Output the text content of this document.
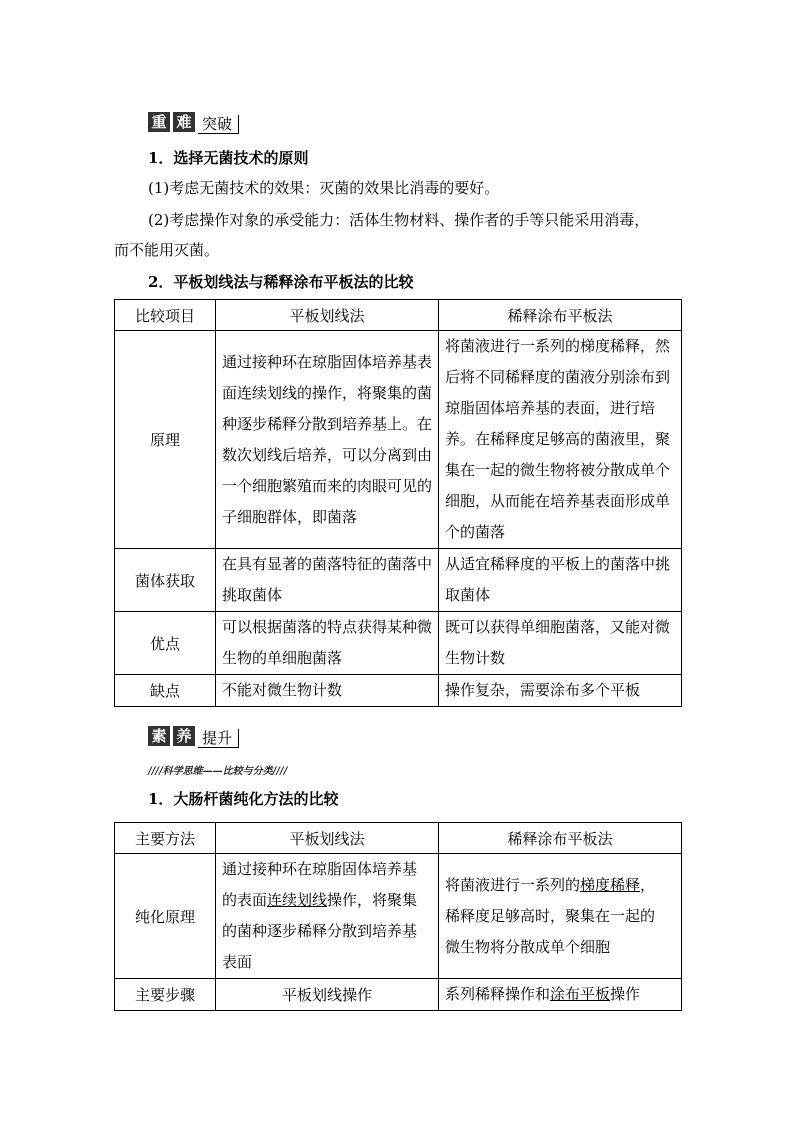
重 难 突破
1．选择无菌技术的原则
(1)考虑无菌技术的效果：灭菌的效果比消毒的要好。
(2)考虑操作对象的承受能力：活体生物材料、操作者的手等只能采用消毒，
而不能用灭菌。
2．平板划线法与稀释涂布平板法的比较
比较项目	平板划线法	稀释涂布平板法
原理	通过接种环在琼脂固体培养基表面连续划线的操作，将聚集的菌种逐步稀释分散到培养基上。在数次划线后培养，可以分离到由一个细胞繁殖而来的肉眼可见的子细胞群体，即菌落	将菌液进行一系列的梯度稀释，然后将不同稀释度的菌液分别涂布到琼脂固体培养基的表面，进行培养。在稀释度足够高的菌液里，聚集在一起的微生物将被分散成单个细胞，从而能在培养基表面形成单个的菌落
菌体获取	在具有显著的菌落特征的菌落中挑取菌体	从适宜稀释度的平板上的菌落中挑取菌体
优点	可以根据菌落的特点获得某种微生物的单细胞菌落	既可以获得单细胞菌落，又能对微生物计数
缺点	不能对微生物计数	操作复杂，需要涂布多个平板
素 养 提升
////科学思维——比较与分类////
1．大肠杆菌纯化方法的比较
主要方法	平板划线法	稀释涂布平板法
纯化原理	通过接种环在琼脂固体培养基
的表面连续划线操作，将聚集
的菌种逐步稀释分散到培养基
表面	将菌液进行一系列的梯度稀释，
稀释度足够高时，聚集在一起的
微生物将分散成单个细胞
主要步骤	平板划线操作	系列稀释操作和涂布平板操作
